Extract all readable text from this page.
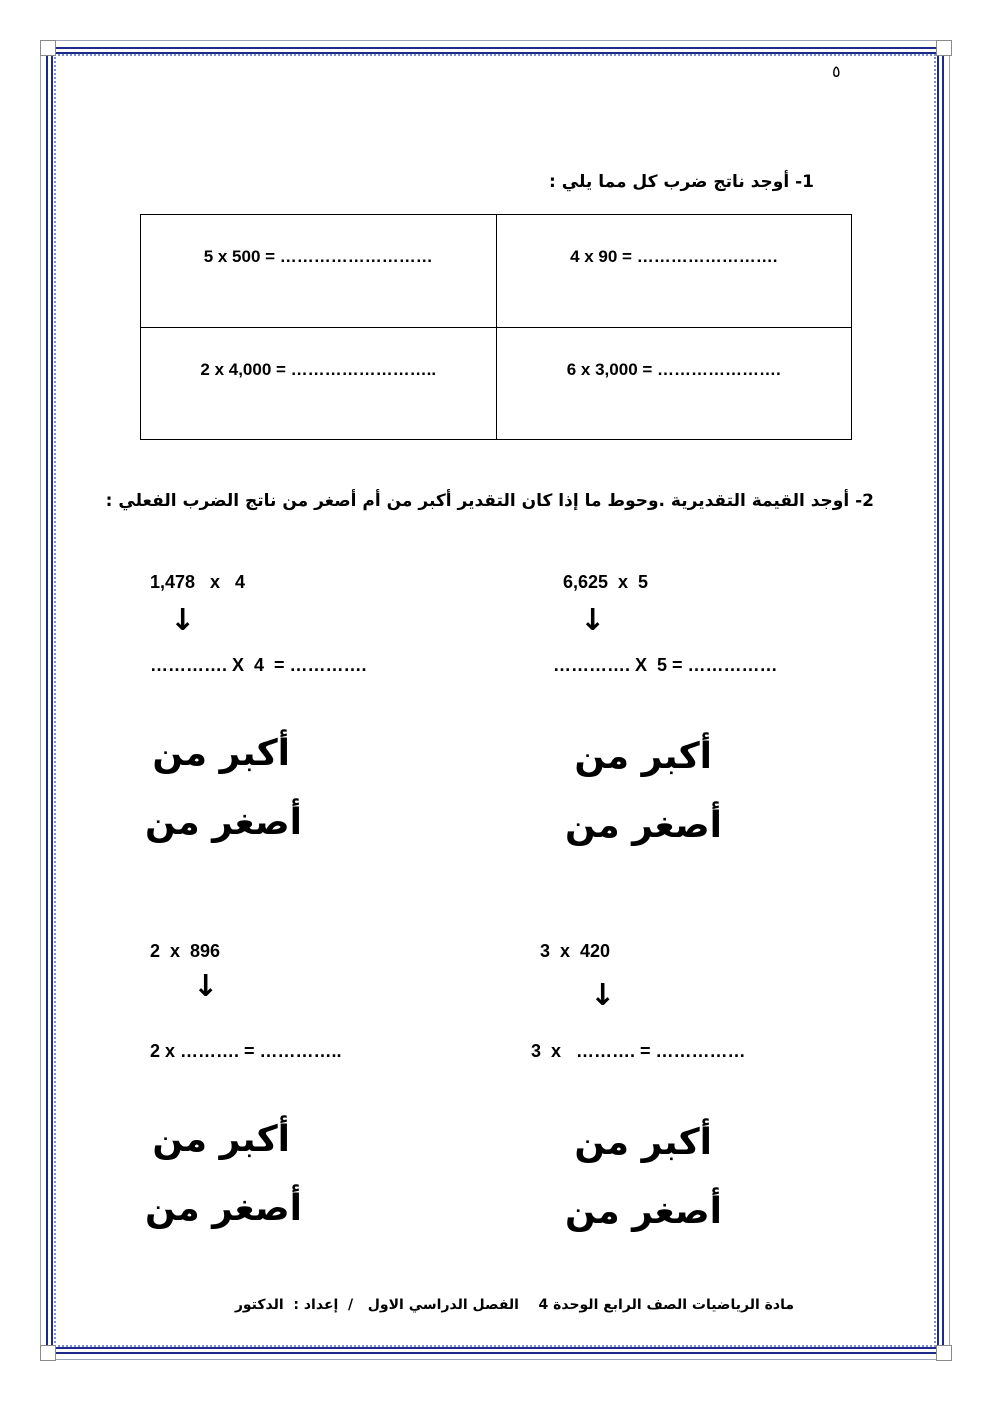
٥
1- أوجد ناتج ضرب كل مما يلي :
5 x 500 = ………………………	4 x 90 = …………………….
2 x 4,000 = ……………………..	6 x 3,000 = ………………….
2- أوجد القيمة التقديرية .وحوط ما إذا كان التقدير أكبر من أم أصغر من ناتج الضرب الفعلي :
6,625  x  5
↓
…………. X  5 = ……………
أكبر من
أصغر من
1,478   x   4
↓
…………. X  4  = ………….
أكبر من
أصغر من
3  x  420
↓
3  x   ………. = ……………
أكبر من
أصغر من
2  x  896
↓
2 x ………. = …………..
أكبر من
أصغر من
مادة الرياضيات الصف الرابع الوحدة 4    الفصل الدراسي الاول   /  إعداد :  الدكتور
